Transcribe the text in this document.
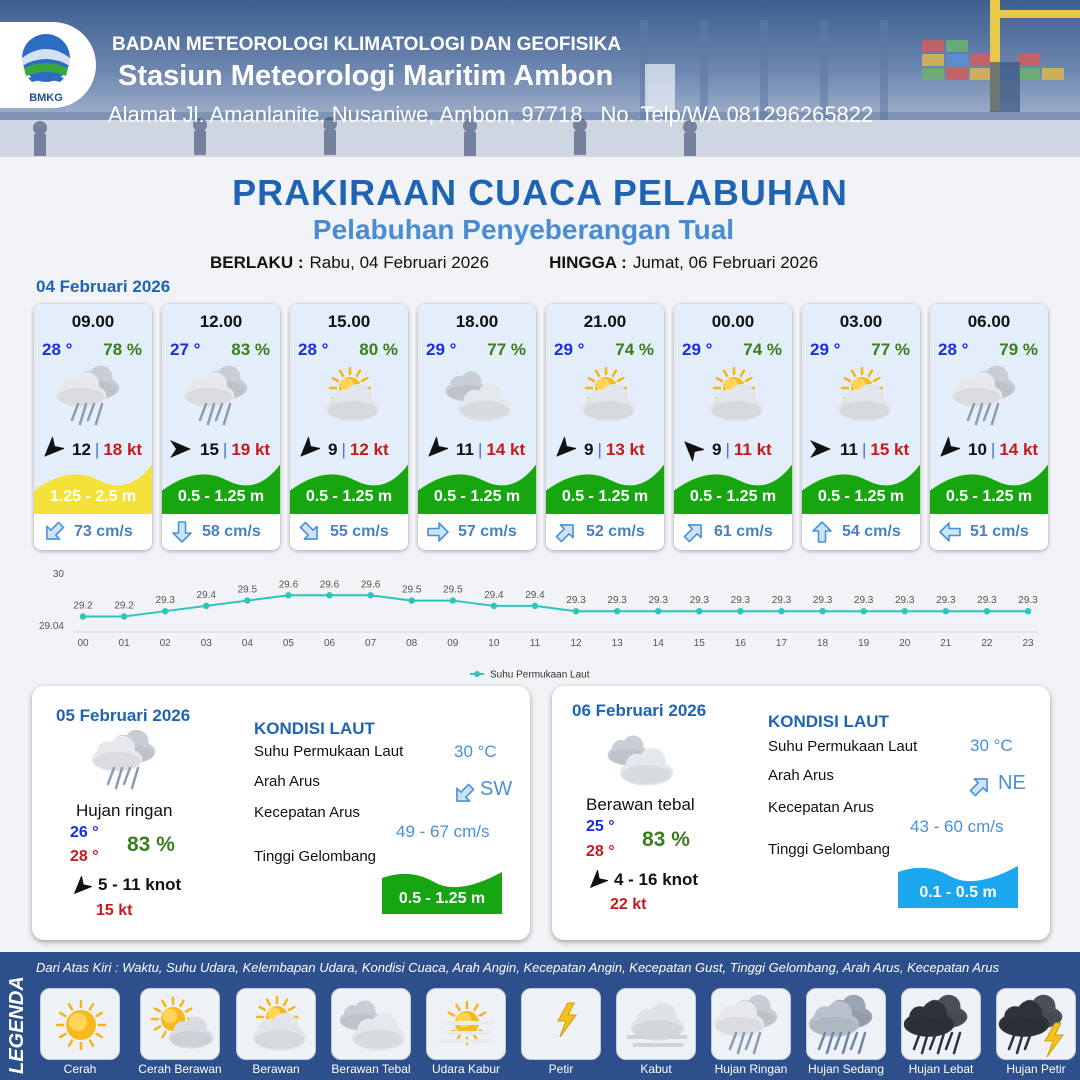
BMKG
BADAN METEOROLOGI KLIMATOLOGI DAN GEOFISIKA
Stasiun Meteorologi Maritim Ambon
Alamat Jl. Amanlanite, Nusaniwe, Ambon, 97718 No. Telp/WA 081296265822
PRAKIRAAN CUACA PELABUHAN
Pelabuhan Penyeberangan Tual
BERLAKU : Rabu, 04 Februari 2026	HINGGA : Jumat, 06 Februari 2026
04 Februari 2026
09.00
28 ° 78 %
12 | 18 kt
1.25 - 2.5 m
73 cm/s
12.00
27 ° 83 %
15 | 19 kt
0.5 - 1.25 m
58 cm/s
15.00
28 ° 80 %
9 | 12 kt
0.5 - 1.25 m
55 cm/s
18.00
29 ° 77 %
11 | 14 kt
0.5 - 1.25 m
57 cm/s
21.00
29 ° 74 %
9 | 13 kt
0.5 - 1.25 m
52 cm/s
00.00
29 ° 74 %
9 | 11 kt
0.5 - 1.25 m
61 cm/s
03.00
29 ° 77 %
11 | 15 kt
0.5 - 1.25 m
54 cm/s
06.00
28 ° 79 %
10 | 14 kt
0.5 - 1.25 m
51 cm/s
30
29.04
29.2
00
29.2
01
29.3
02
29.4
03
29.5
04
29.6
05
29.6
06
29.6
07
29.5
08
29.5
09
29.4
10
29.4
11
29.3
12
29.3
13
29.3
14
29.3
15
29.3
16
29.3
17
29.3
18
29.3
19
29.3
20
29.3
21
29.3
22
29.3
23
Suhu Permukaan Laut
05 Februari 2026
Hujan ringan
26 °
28 °
83 %
5 - 11 knot
15 kt
KONDISI LAUT
Suhu Permukaan Laut	30 °C
Arah Arus	SW
Kecepatan Arus
49 - 67 cm/s
Tinggi Gelombang
0.5 - 1.25 m
06 Februari 2026
Berawan tebal
25 °
28 °
83 %
4 - 16 knot
22 kt
KONDISI LAUT
Suhu Permukaan Laut	30 °C
Arah Arus	NE
Kecepatan Arus
43 - 60 cm/s
Tinggi Gelombang
0.1 - 0.5 m
LEGENDA
Dari Atas Kiri : Waktu, Suhu Udara, Kelembapan Udara, Kondisi Cuaca, Arah Angin, Kecepatan Angin, Kecepatan Gust, Tinggi Gelombang, Arah Arus, Kecepatan Arus
Cerah	Cerah Berawan	Berawan	Berawan Tebal	Udara Kabur	Petir	Kabut	Hujan Ringan	Hujan Sedang	Hujan Lebat	Hujan Petir
